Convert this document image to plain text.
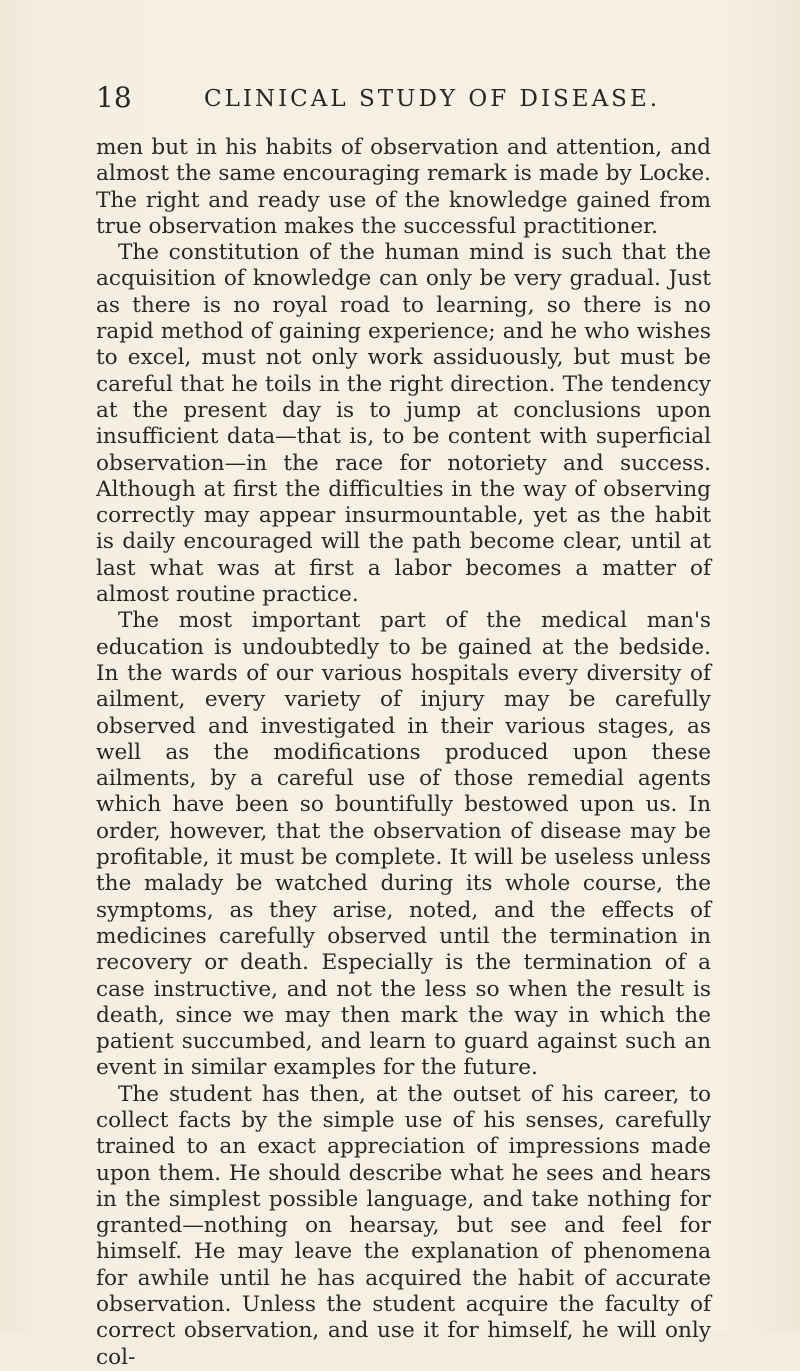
18	CLINICAL STUDY OF DISEASE.

men but in his habits of observation and attention, and almost the same encouraging remark is made by Locke. The right and ready use of the knowledge gained from true observation makes the successful practitioner.

The constitution of the human mind is such that the acquisition of knowledge can only be very gradual. Just as there is no royal road to learning, so there is no rapid method of gaining experience; and he who wishes to excel, must not only work assiduously, but must be careful that he toils in the right direction. The tendency at the present day is to jump at conclusions upon insufficient data—that is, to be content with superficial observation—in the race for notoriety and success. Although at first the difficulties in the way of observing correctly may appear insurmountable, yet as the habit is daily encouraged will the path become clear, until at last what was at first a labor becomes a matter of almost routine practice.

The most important part of the medical man's education is undoubtedly to be gained at the bedside. In the wards of our various hospitals every diversity of ailment, every variety of injury may be carefully observed and investigated in their various stages, as well as the modifications produced upon these ailments, by a careful use of those remedial agents which have been so bountifully bestowed upon us. In order, however, that the observation of disease may be profitable, it must be complete. It will be useless unless the malady be watched during its whole course, the symptoms, as they arise, noted, and the effects of medicines carefully observed until the termination in recovery or death. Especially is the termination of a case instructive, and not the less so when the result is death, since we may then mark the way in which the patient succumbed, and learn to guard against such an event in similar examples for the future.

The student has then, at the outset of his career, to collect facts by the simple use of his senses, carefully trained to an exact appreciation of impressions made upon them. He should describe what he sees and hears in the simplest possible language, and take nothing for granted—nothing on hearsay, but see and feel for himself. He may leave the explanation of phenomena for awhile until he has acquired the habit of accurate observation. Unless the student acquire the faculty of correct observation, and use it for himself, he will only col-
